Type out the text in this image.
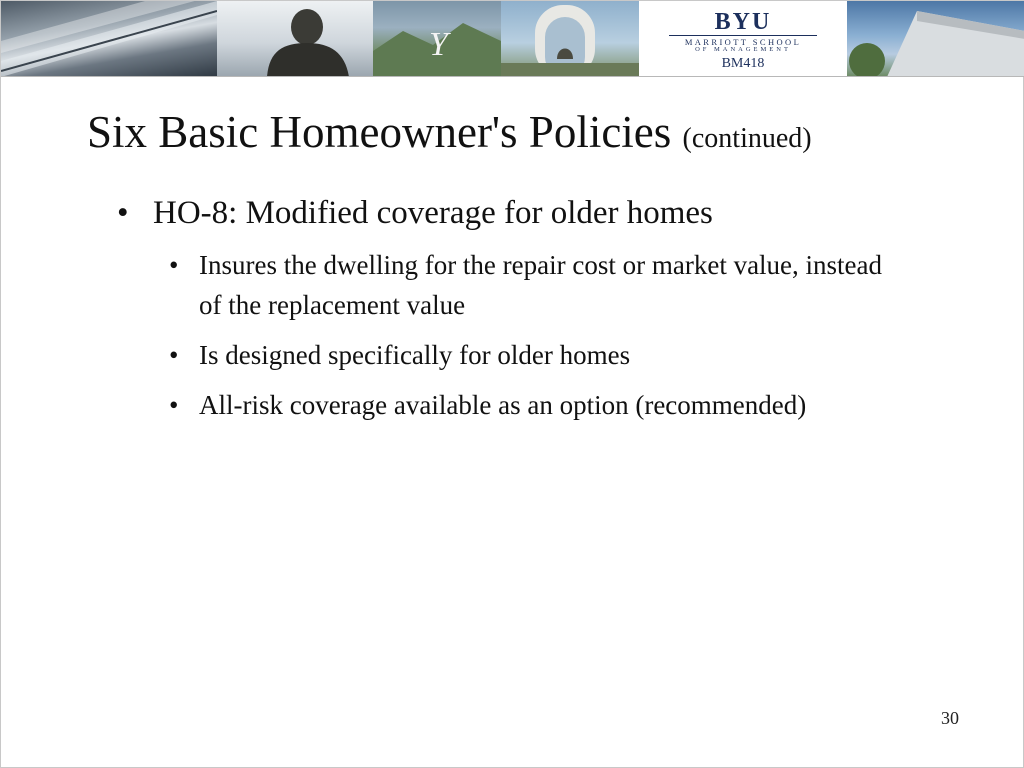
Y
BYU
MARRIOTT SCHOOL
OF MANAGEMENT
BM418
Six Basic Homeowner's Policies (continued)
• HO-8: Modified coverage for older homes
• Insures the dwelling for the repair cost or market value, instead of the replacement value
• Is designed specifically for older homes
• All-risk coverage available as an option (recommended)
30
